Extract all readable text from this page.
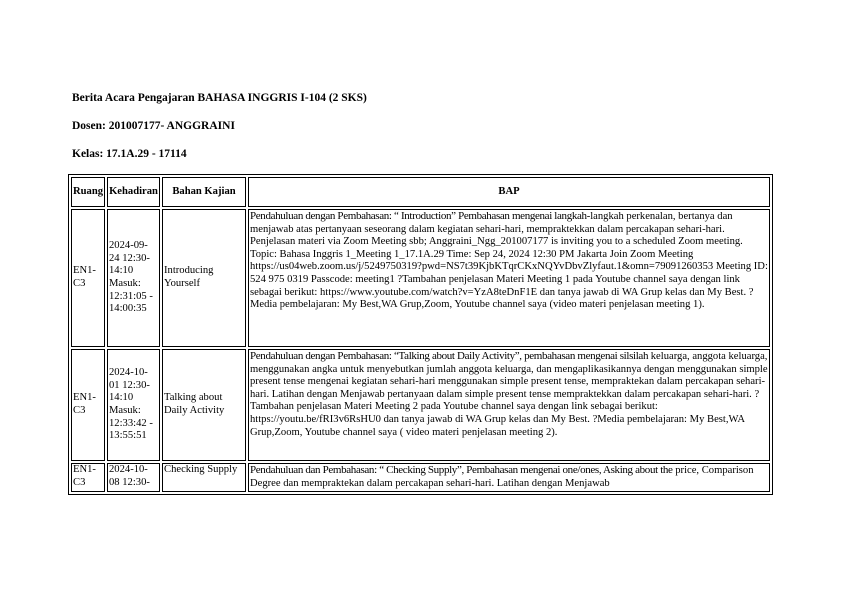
Berita Acara Pengajaran BAHASA INGGRIS I-104 (2 SKS)
Dosen: 201007177- ANGGRAINI
Kelas: 17.1A.29 - 17114
Ruang	Kehadiran	Bahan Kajian	BAP
EN1-C3	2024-09-24 12:30-14:10 Masuk: 12:31:05 - 14:00:35	Introducing Yourself	Pendahuluan dengan Pembahasan: “ Introduction” Pembahasan mengenai langkah-langkah perkenalan, bertanya dan menjawab atas pertanyaan seseorang dalam kegiatan sehari-hari, mempraktekkan dalam percakapan sehari-hari. Penjelasan materi via Zoom Meeting sbb; Anggraini_Ngg_201007177 is inviting you to a scheduled Zoom meeting. Topic: Bahasa Inggris 1_Meeting 1_17.1A.29 Time: Sep 24, 2024 12:30 PM Jakarta Join Zoom Meeting https://us04web.zoom.us/j/5249750319?pwd=NS7t39KjbKTqrCKxNQYvDbvZlyfaut.1&omn=79091260353 Meeting ID: 524 975 0319 Passcode: meeting1 ?Tambahan penjelasan Materi Meeting 1 pada Youtube channel saya dengan link sebagai berikut: https://www.youtube.com/watch?v=YzA8teDnF1E dan tanya jawab di WA Grup kelas dan My Best. ?Media pembelajaran: My Best,WA Grup,Zoom, Youtube channel saya (video materi penjelasan meeting 1).
EN1-C3	2024-10-01 12:30-14:10 Masuk: 12:33:42 - 13:55:51	Talking about Daily Activity	Pendahuluan dengan Pembahasan: “Talking about Daily Activity”, pembahasan mengenai silsilah keluarga, anggota keluarga, menggunakan angka untuk menyebutkan jumlah anggota keluarga, dan mengaplikasikannya dengan menggunakan simple present tense mengenai kegiatan sehari-hari menggunakan simple present tense, mempraktekan dalam percakapan sehari-hari. Latihan dengan Menjawab pertanyaan dalam simple present tense mempraktekkan dalam percakapan sehari-hari. ?Tambahan penjelasan Materi Meeting 2 pada Youtube channel saya dengan link sebagai berikut: https://youtu.be/fRI3v6RsHU0 dan tanya jawab di WA Grup kelas dan My Best. ?Media pembelajaran: My Best,WA Grup,Zoom, Youtube channel saya ( video materi penjelasan meeting 2).

EN1-C3	2024-10-08 12:30-	Checking Supply	Pendahuluan dan Pembahasan: “ Checking Supply”, Pembahasan mengenai one/ones, Asking about the price, Comparison Degree dan mempraktekan dalam percakapan sehari-hari. Latihan dengan Menjawab
